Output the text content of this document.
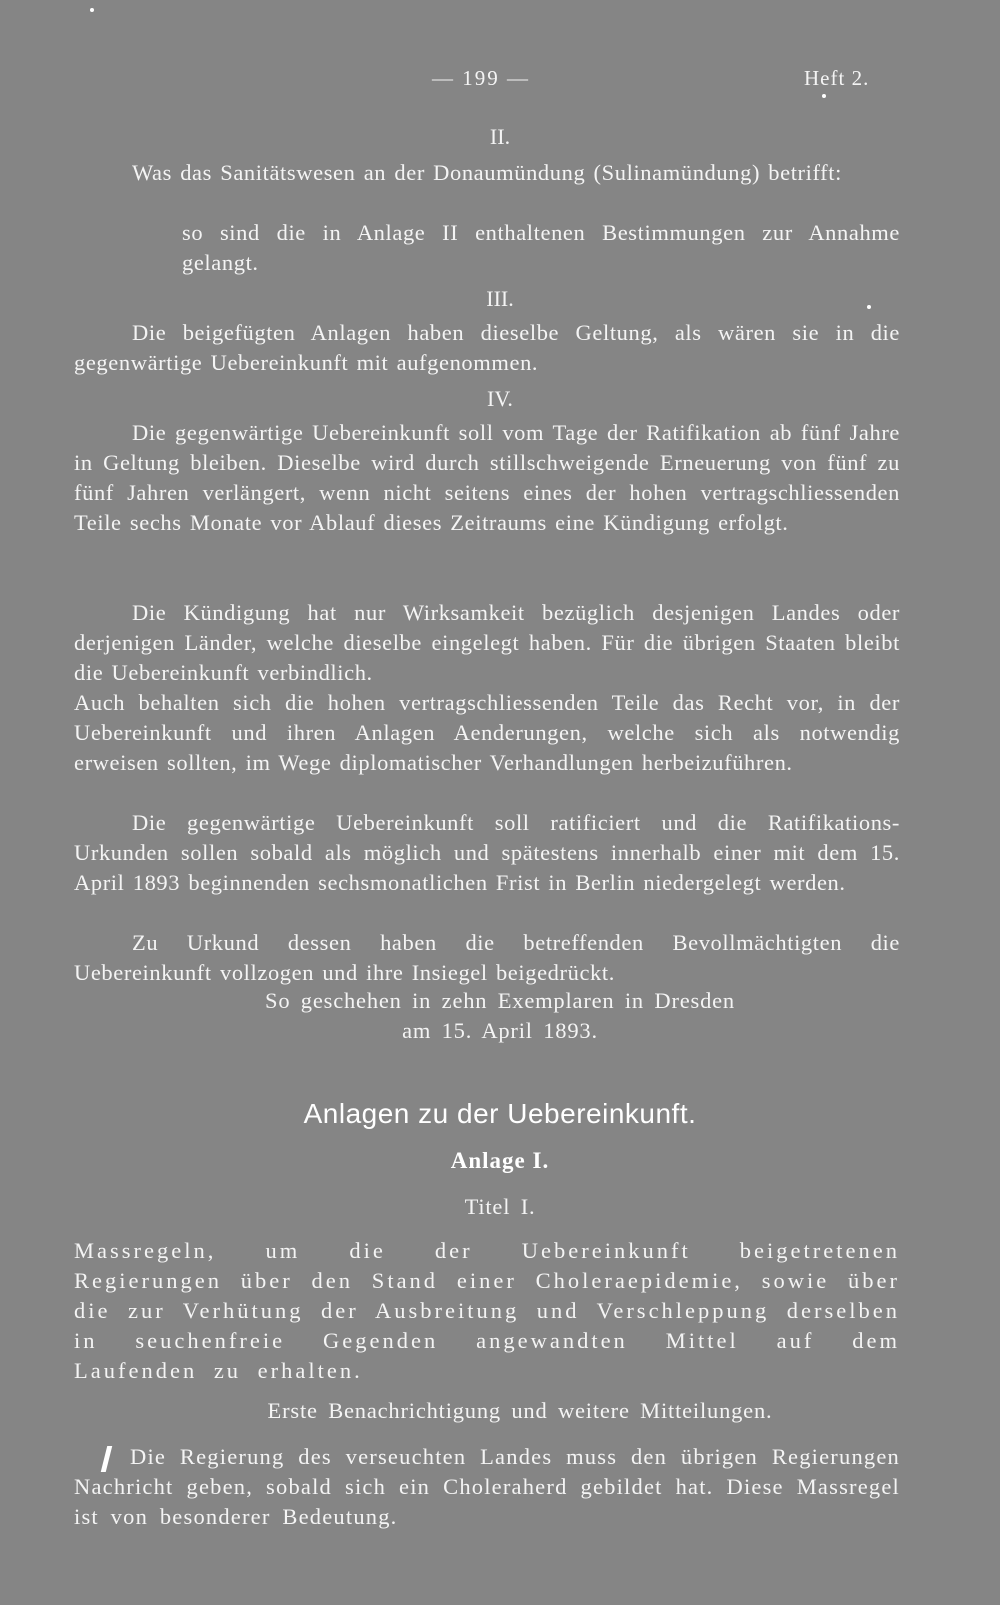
— 199 —	Heft 2.
II.
Was das Sanitätswesen an der Donaumündung (Sulinamündung) betrifft:
so sind die in Anlage II enthaltenen Bestimmungen zur Annahme gelangt.
III.
Die beigefügten Anlagen haben dieselbe Geltung, als wären sie in die gegenwärtige Uebereinkunft mit aufgenommen.
IV.
Die gegenwärtige Uebereinkunft soll vom Tage der Ratifikation ab fünf Jahre in Geltung bleiben. Dieselbe wird durch stillschweigende Erneuerung von fünf zu fünf Jahren verlängert, wenn nicht seitens eines der hohen vertragschliessenden Teile sechs Monate vor Ablauf dieses Zeitraums eine Kündigung erfolgt.
Die Kündigung hat nur Wirksamkeit bezüglich desjenigen Landes oder derjenigen Länder, welche dieselbe eingelegt haben. Für die übrigen Staaten bleibt die Uebereinkunft verbindlich.
Auch behalten sich die hohen vertragschliessenden Teile das Recht vor, in der Uebereinkunft und ihren Anlagen Aenderungen, welche sich als notwendig erweisen sollten, im Wege diplomatischer Verhandlungen herbeizuführen.
Die gegenwärtige Uebereinkunft soll ratificiert und die Ratifikations-Urkunden sollen sobald als möglich und spätestens innerhalb einer mit dem 15. April 1893 beginnenden sechsmonatlichen Frist in Berlin niedergelegt werden.
Zu Urkund dessen haben die betreffenden Bevollmächtigten die Uebereinkunft vollzogen und ihre Insiegel beigedrückt.
So geschehen in zehn Exemplaren in Dresden
am 15. April 1893.
Anlagen zu der Uebereinkunft.
Anlage I.
Titel I.
Massregeln, um die der Uebereinkunft beigetretenen Regierungen über den Stand einer Choleraepidemie, sowie über die zur Verhütung der Ausbreitung und Verschleppung derselben in seuchenfreie Gegenden angewandten Mittel auf dem Laufenden zu erhalten.
Erste Benachrichtigung und weitere Mitteilungen.
Die Regierung des verseuchten Landes muss den übrigen Regierungen Nachricht geben, sobald sich ein Choleraherd gebildet hat. Diese Massregel ist von besonderer Bedeutung.
